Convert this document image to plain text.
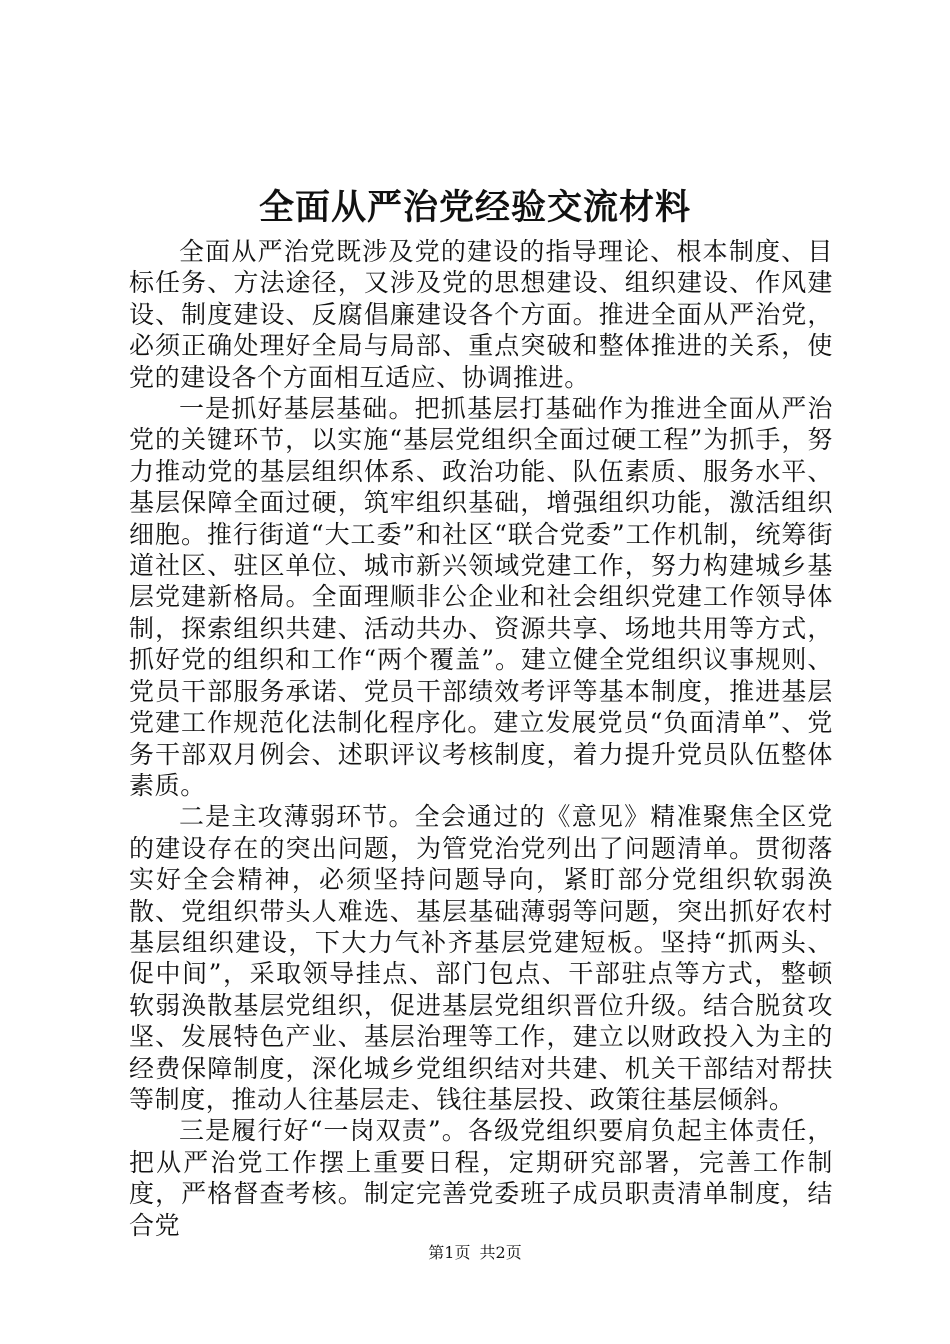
全面从严治党经验交流材料

全面从严治党既涉及党的建设的指导理论、根本制度、目标任务、方法途径，又涉及党的思想建设、组织建设、作风建设、制度建设、反腐倡廉建设各个方面。推进全面从严治党，必须正确处理好全局与局部、重点突破和整体推进的关系，使党的建设各个方面相互适应、协调推进。

一是抓好基层基础。把抓基层打基础作为推进全面从严治党的关键环节，以实施“基层党组织全面过硬工程”为抓手，努力推动党的基层组织体系、政治功能、队伍素质、服务水平、基层保障全面过硬，筑牢组织基础，增强组织功能，激活组织细胞。推行街道“大工委”和社区“联合党委”工作机制，统筹街道社区、驻区单位、城市新兴领域党建工作，努力构建城乡基层党建新格局。全面理顺非公企业和社会组织党建工作领导体制，探索组织共建、活动共办、资源共享、场地共用等方式，抓好党的组织和工作“两个覆盖”。建立健全党组织议事规则、党员干部服务承诺、党员干部绩效考评等基本制度，推进基层党建工作规范化法制化程序化。建立发展党员“负面清单”、党务干部双月例会、述职评议考核制度，着力提升党员队伍整体素质。

二是主攻薄弱环节。全会通过的《意见》精准聚焦全区党的建设存在的突出问题，为管党治党列出了问题清单。贯彻落实好全会精神，必须坚持问题导向，紧盯部分党组织软弱涣散、党组织带头人难选、基层基础薄弱等问题，突出抓好农村基层组织建设，下大力气补齐基层党建短板。坚持“抓两头、促中间”，采取领导挂点、部门包点、干部驻点等方式，整顿软弱涣散基层党组织，促进基层党组织晋位升级。结合脱贫攻坚、发展特色产业、基层治理等工作，建立以财政投入为主的经费保障制度，深化城乡党组织结对共建、机关干部结对帮扶等制度，推动人往基层走、钱往基层投、政策往基层倾斜。

三是履行好“一岗双责”。各级党组织要肩负起主体责任，把从严治党工作摆上重要日程，定期研究部署，完善工作制度，严格督查考核。制定完善党委班子成员职责清单制度，结合党

第1页 共2页
